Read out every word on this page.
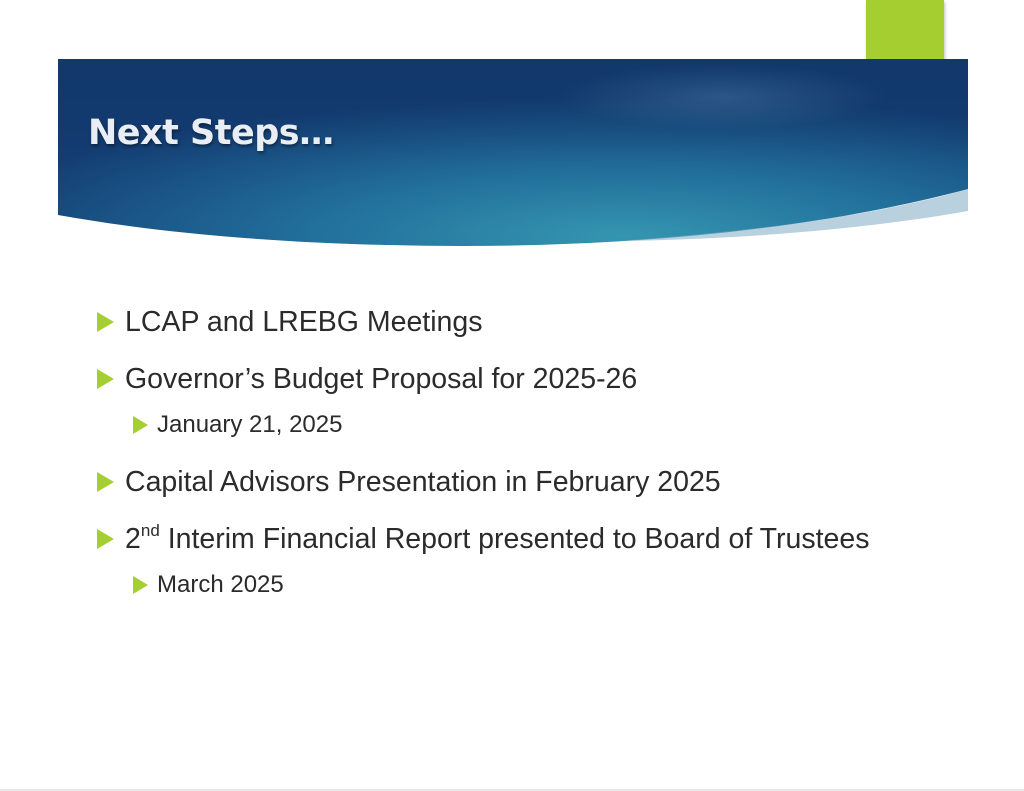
Next Steps…
LCAP and LREBG Meetings
Governor’s Budget Proposal for 2025-26
January 21, 2025
Capital Advisors Presentation in February 2025
2nd Interim Financial Report presented to Board of Trustees
March 2025
